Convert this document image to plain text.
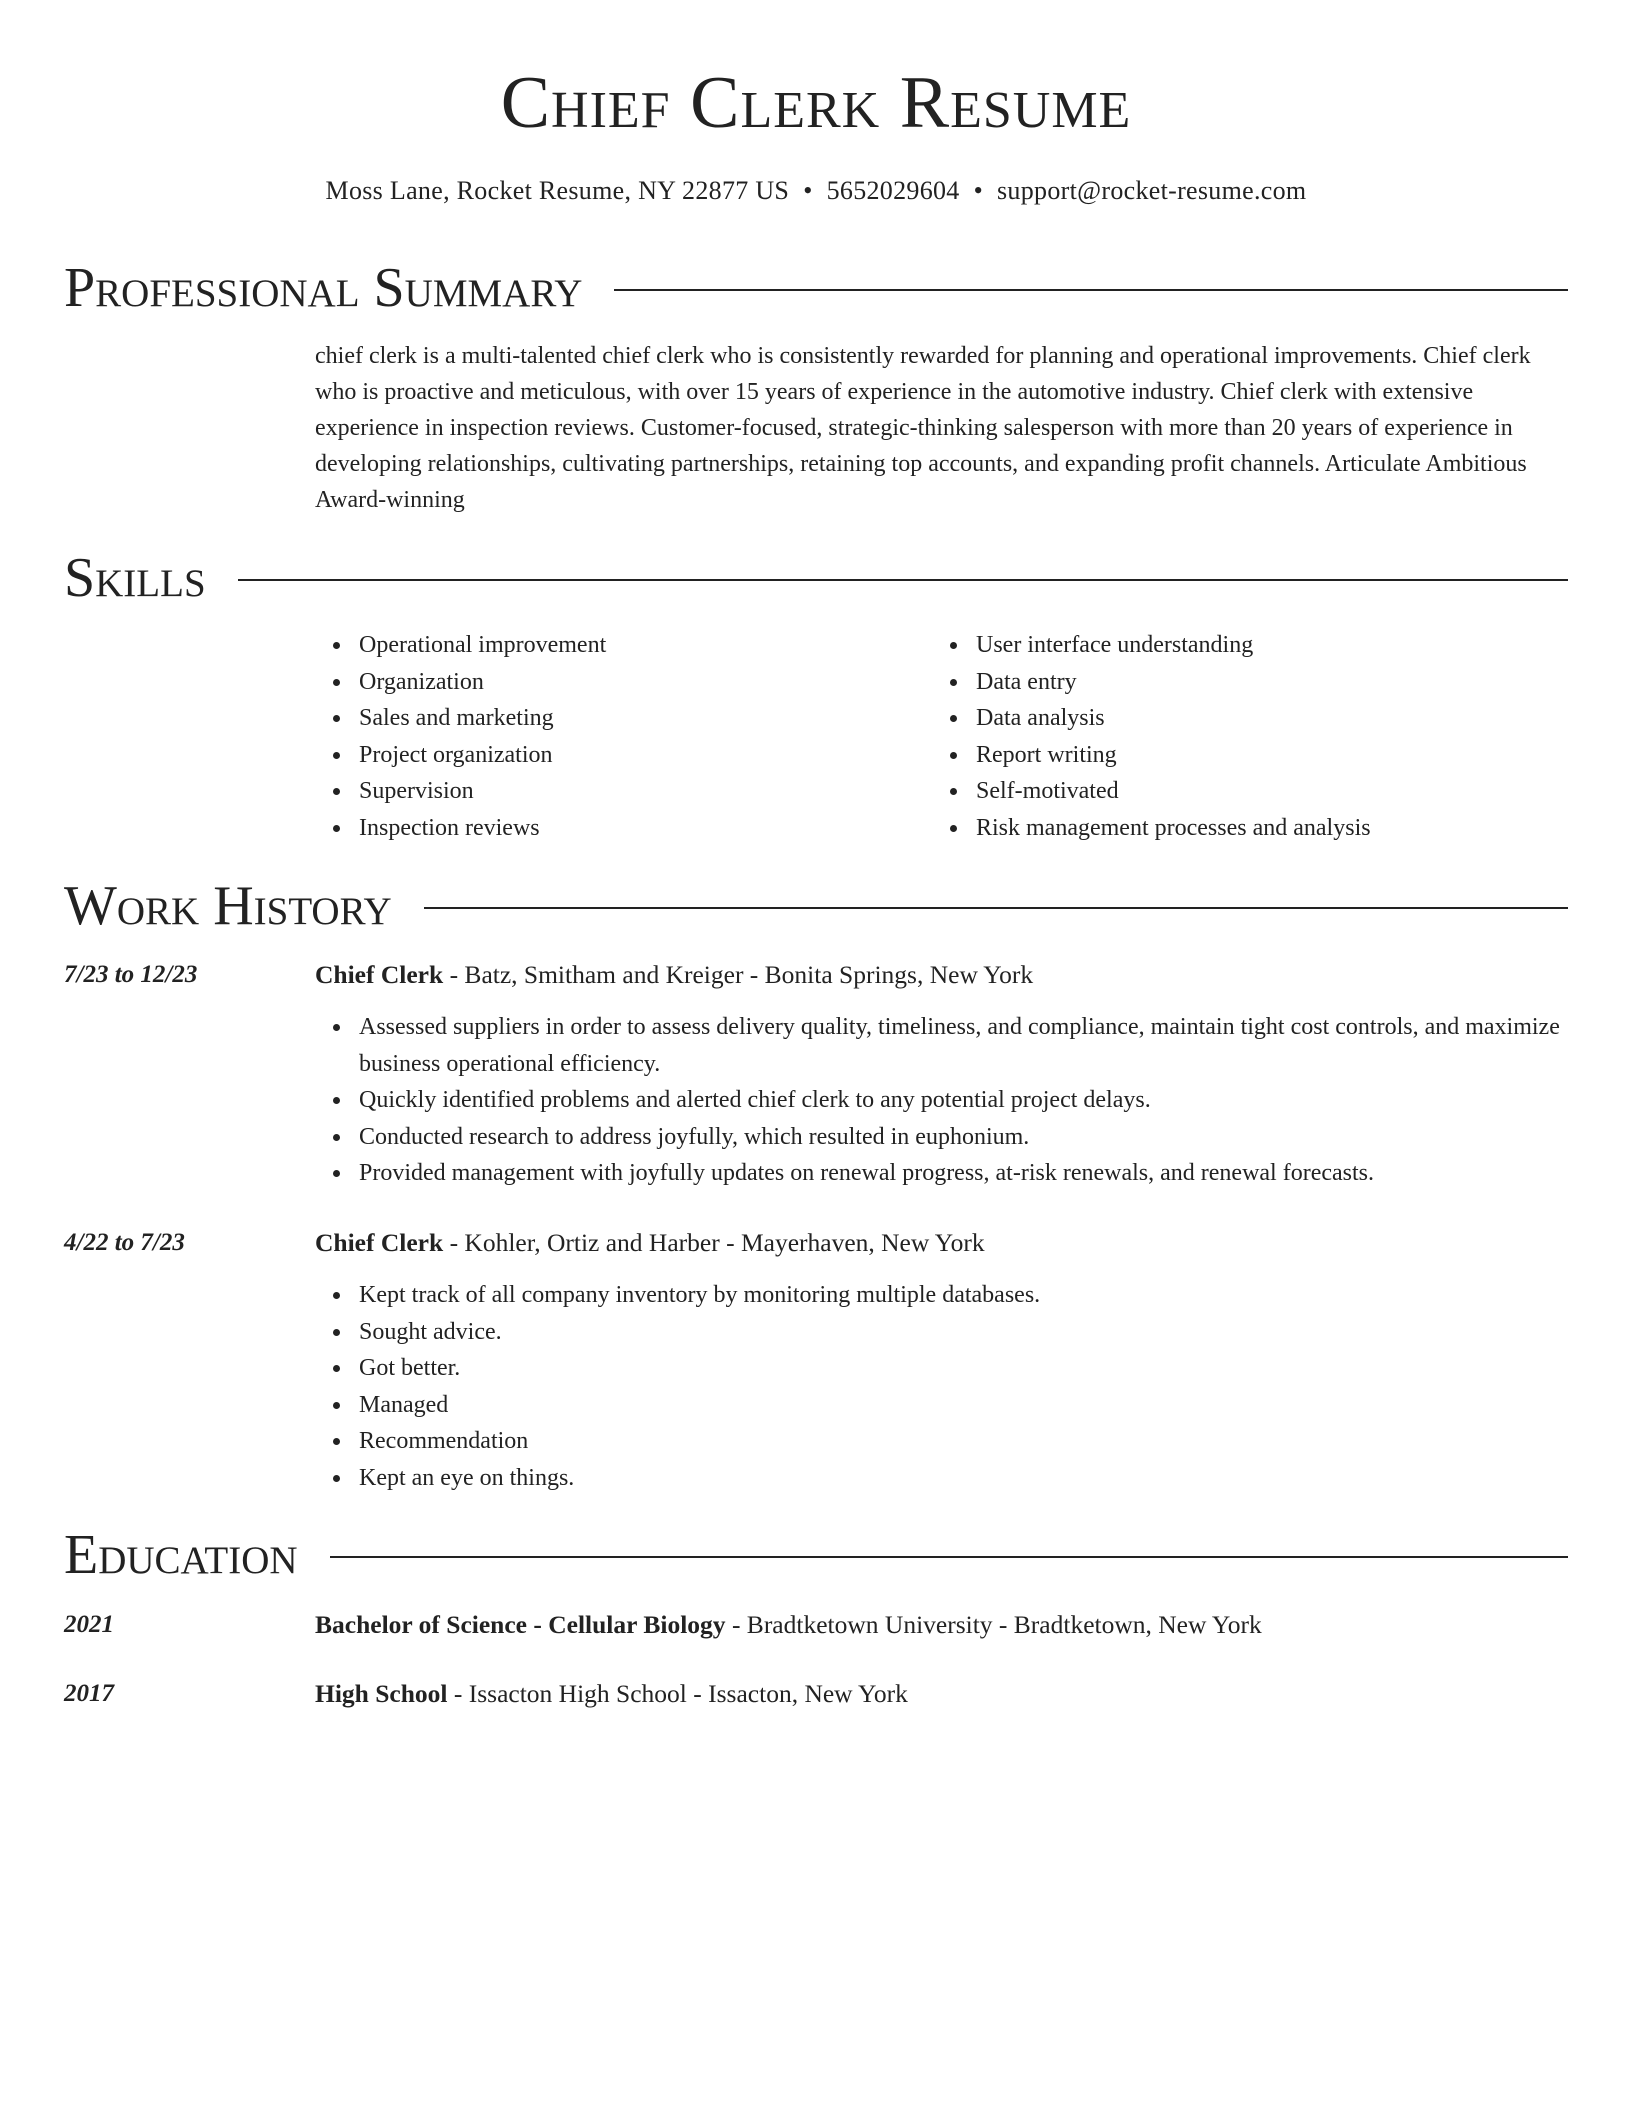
Chief Clerk Resume
Moss Lane, Rocket Resume, NY 22877 US • 5652029604 • support@rocket-resume.com
Professional Summary

chief clerk is a multi-talented chief clerk who is consistently rewarded for planning and operational improvements. Chief clerk who is proactive and meticulous, with over 15 years of experience in the automotive industry. Chief clerk with extensive experience in inspection reviews. Customer-focused, strategic-thinking salesperson with more than 20 years of experience in developing relationships, cultivating partnerships, retaining top accounts, and expanding profit channels. Articulate Ambitious Award-winning

Skills
Operational improvement
Organization
Sales and marketing
Project organization
Supervision
Inspection reviews
User interface understanding
Data entry
Data analysis
Report writing
Self-motivated
Risk management processes and analysis
Work History
7/23 to 12/23	Chief Clerk - Batz, Smitham and Kreiger - Bonita Springs, New York
Assessed suppliers in order to assess delivery quality, timeliness, and compliance, maintain tight cost controls, and maximize business operational efficiency.
Quickly identified problems and alerted chief clerk to any potential project delays.
Conducted research to address joyfully, which resulted in euphonium.
Provided management with joyfully updates on renewal progress, at-risk renewals, and renewal forecasts.
4/22 to 7/23	Chief Clerk - Kohler, Ortiz and Harber - Mayerhaven, New York
Kept track of all company inventory by monitoring multiple databases.
Sought advice.
Got better.
Managed
Recommendation
Kept an eye on things.
Education
2021	Bachelor of Science - Cellular Biology - Bradtketown University - Bradtketown, New York
2017	High School - Issacton High School - Issacton, New York
